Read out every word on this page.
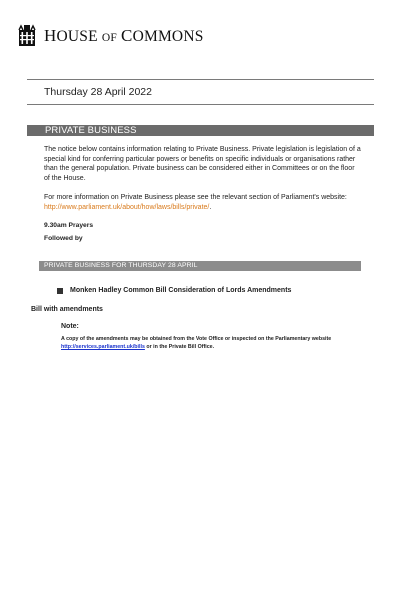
HOUSE OF COMMONS
Thursday 28 April 2022
PRIVATE BUSINESS
The notice below contains information relating to Private Business. Private legislation is legislation of a special kind for conferring particular powers or benefits on specific individuals or organisations rather than the general population. Private business can be considered either in Committees or on the floor of the House.
For more information on Private Business please see the relevant section of Parliament's website: http://www.parliament.uk/about/how/laws/bills/private/.
9.30am Prayers
Followed by
PRIVATE BUSINESS FOR THURSDAY 28 APRIL
Monken Hadley Common Bill Consideration of Lords Amendments
Bill with amendments
Note:
A copy of the amendments may be obtained from the Vote Office or inspected on the Parliamentary website http://services.parliament.uk/bills or in the Private Bill Office.
